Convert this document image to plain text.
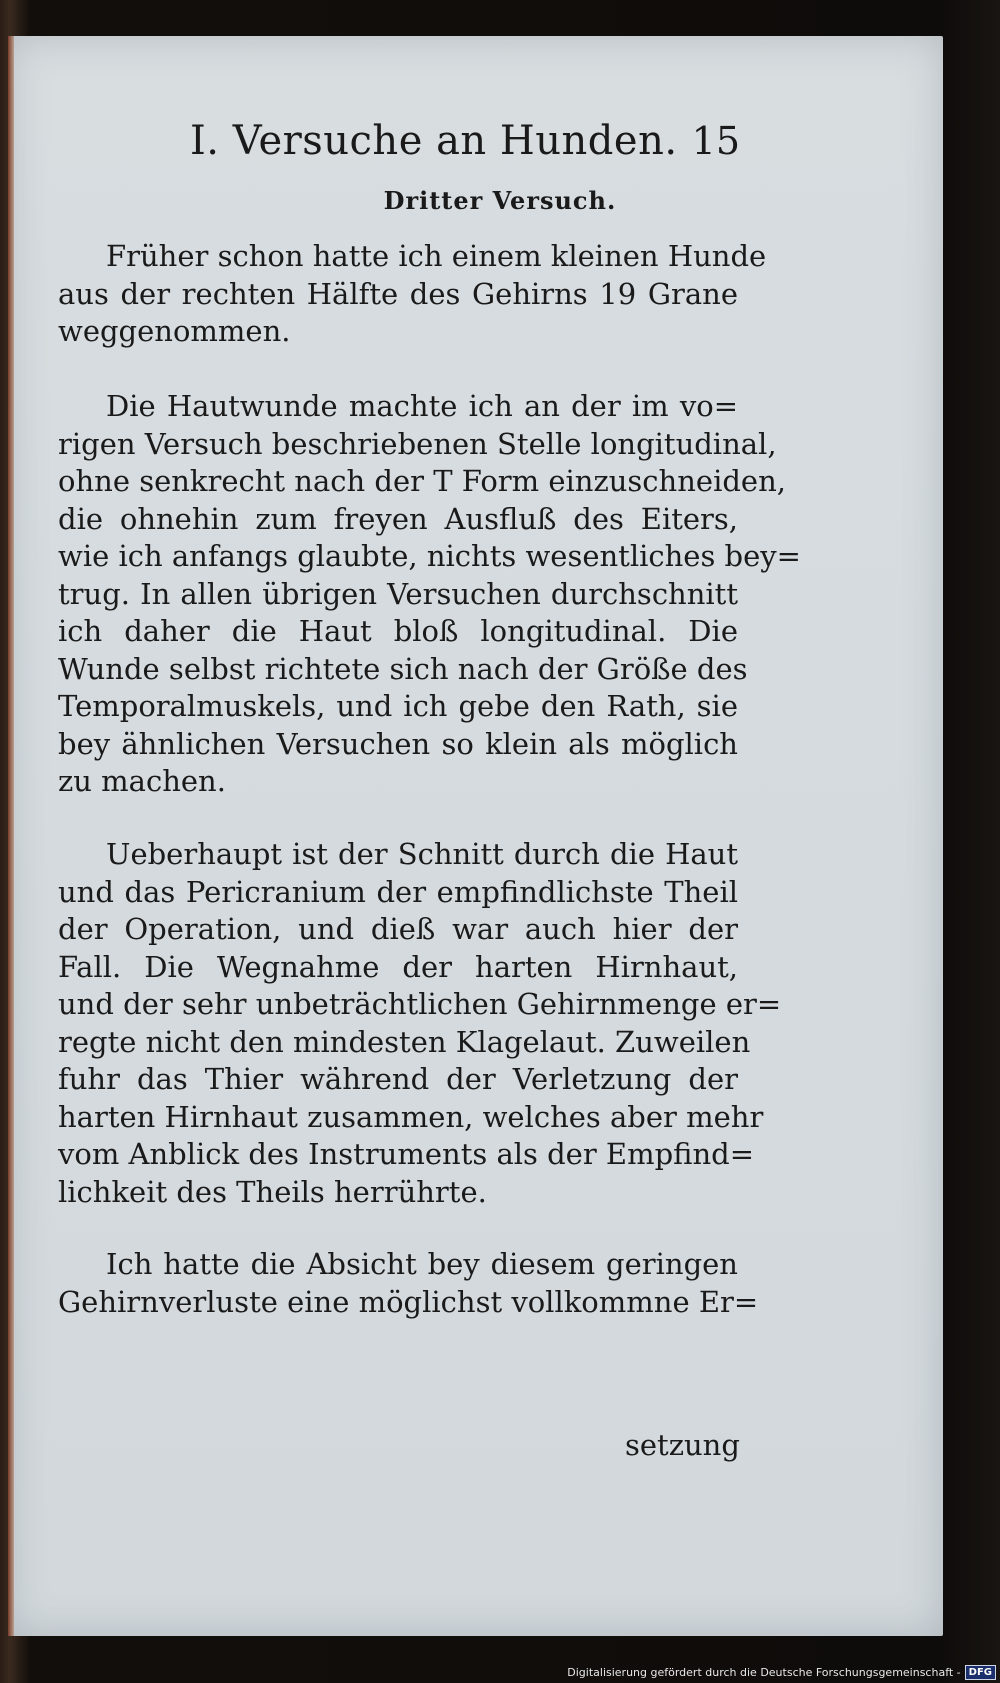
I. Versuche an Hunden. 15
Dritter Versuch.
Früher schon hatte ich einem kleinen Hunde
aus der rechten Hälfte des Gehirns 19 Grane
weggenommen.
Die Hautwunde machte ich an der im vo=
rigen Versuch beschriebenen Stelle longitudinal,
ohne senkrecht nach der T Form einzuschneiden,
die ohnehin zum freyen Ausfluß des Eiters,
wie ich anfangs glaubte, nichts wesentliches bey=
trug. In allen übrigen Versuchen durchschnitt
ich daher die Haut bloß longitudinal. Die
Wunde selbst richtete sich nach der Größe des
Temporalmuskels, und ich gebe den Rath, sie
bey ähnlichen Versuchen so klein als möglich
zu machen.
Ueberhaupt ist der Schnitt durch die Haut
und das Pericranium der empfindlichste Theil
der Operation, und dieß war auch hier der
Fall. Die Wegnahme der harten Hirnhaut,
und der sehr unbeträchtlichen Gehirnmenge er=
regte nicht den mindesten Klagelaut. Zuweilen
fuhr das Thier während der Verletzung der
harten Hirnhaut zusammen, welches aber mehr
vom Anblick des Instruments als der Empfind=
lichkeit des Theils herrührte.
Ich hatte die Absicht bey diesem geringen
Gehirnverluste eine möglichst vollkommne Er=
setzung
Digitalisierung gefördert durch die Deutsche Forschungsgemeinschaft - DFG
